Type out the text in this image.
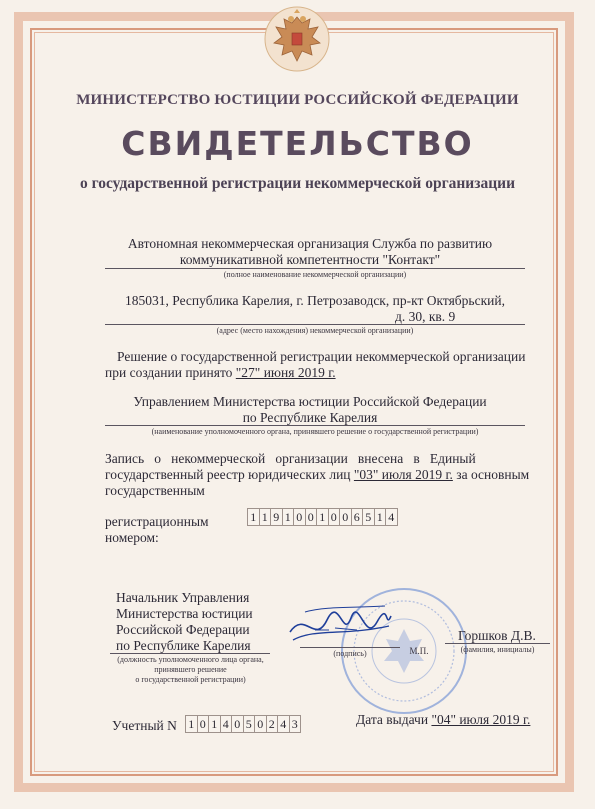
МИНИСТЕРСТВО ЮСТИЦИИ РОССИЙСКОЙ ФЕДЕРАЦИИ
СВИДЕТЕЛЬСТВО
о государственной регистрации некоммерческой организации
Автономная некоммерческая организация Служба по развитию
коммуникативной компетентности "Контакт"
(полное наименование некоммерческой организации)
185031, Республика Карелия, г. Петрозаводск, пр-кт Октябрьский,
д. 30, кв. 9
(адрес (место нахождения) некоммерческой организации)
Решение о государственной регистрации некоммерческой организации
при создании принято "27" июня 2019 г.
Управлением Министерства юстиции Российской Федерации
по Республике Карелия
(наименование уполномоченного органа, принявшего решение о государственной регистрации)
Запись   о   некоммерческой   организации   внесена   в   Единый
государственный реестр юридических лиц "03" июля 2019 г. за основным
государственным
регистрационным
номером:
1 1 9 1 0 0 1 0 0 6 5 1 4
Начальник Управления
Министерства юстиции
Российской Федерации
по Республике Карелия
(должность уполномоченного лица органа,
принявшего решение
о государственной регистрации)
(подпись)	М.П.
Горшков Д.В.
(фамилия, инициалы)
Учетный N 1 0 1 4 0 5 0 2 4 3	Дата выдачи "04" июля 2019 г.
